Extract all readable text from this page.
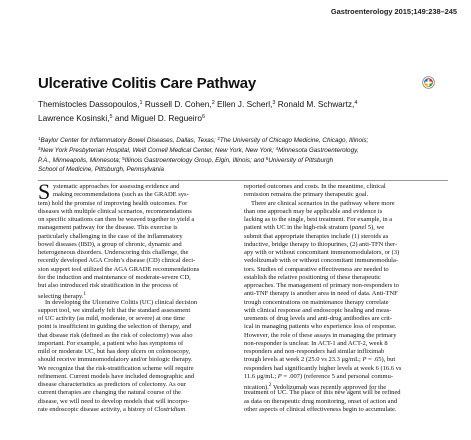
Gastroenterology 2015;149:238–245
Ulcerative Colitis Care Pathway
Themistocles Dassopoulos,$^1$ Russell D. Cohen,$^2$ Ellen J. Scherl,$^3$ Ronald M. Schwartz,$^4$
Lawrence Kosinski,$^5$ and Miguel D. Regueiro$^6$
$^1$Baylor Center for Inflammatory Bowel Diseases, Dallas, Texas; $^2$The University of Chicago Medicine, Chicago, Illinois;
$^3$New York Presbyterian Hospital, Weill Cornell Medical Center, New York, New York; $^4$Minnesota Gastroenterology,
P.A., Minneapolis, Minnesota; $^5$Illinois Gastroenterology Group, Elgin, Illinois; and $^6$University of Pittsburgh
School of Medicine, Pittsburgh, Pennsylvania
S ystematic approaches for assessing evidence and
making recommendations (such as the GRADE sys-
tem) hold the promise of improving health outcomes. For
diseases with multiple clinical scenarios, recommendations
on specific situations can then be weaved together to yield a
management pathway for the disease. This exercise is
particularly challenging in the case of the inflammatory
bowel diseases (IBD), a group of chronic, dynamic and
heterogeneous disorders. Underscoring this challenge, the
recently developed AGA Crohn’s disease (CD) clinical deci-
sion support tool utilized the AGA GRADE recommendations
for the induction and maintenance of moderate-severe CD,
but also introduced risk stratification in the process of
selecting therapy.$^1$
In developing the Ulcerative Colitis (UC) clinical decision
support tool, we similarly felt that the standard assessment
of UC activity (as mild, moderate, or severe) at one time
point is insufficient in guiding the selection of therapy, and
that disease risk (defined as the risk of colectomy) was also
important. For example, a patient who has symptoms of
mild or moderate UC, but has deep ulcers on colonoscopy,
should receive immunomodulatory and/or biologic therapy.
We recognize that the risk-stratification scheme will require
refinement. Current models have included demographic and
disease characteristics as predictors of colectomy. As our
current therapies are changing the natural course of the
disease, we will need to develop models that will incorpo-
rate endoscopic disease activity, a history of Clostridium
reported outcomes and costs. In the meantime, clinical
remission remains the primary therapeutic goal.
There are clinical scenarios in the pathway where more
than one approach may be applicable and evidence is
lacking as to the single, best treatment. For example, in a
patient with UC in the high-risk stratum (panel 5), we
submit that appropriate therapies include (1) steroids as
inductive, bridge therapy to thiopurines, (2) anti-TFN ther-
apy with or without concomitant immunomodulators, or (3)
vedolizumab with or without concomitant immunomodula-
tors. Studies of comparative effectiveness are needed to
establish the relative positioning of these therapeutic
approaches. The management of primary non-responders to
anti-TNF therapy is another area in need of data. Anti-TNF
trough concentrations on maintenance therapy correlate
with clinical response and endoscopic healing and meas-
urements of drug levels and anti-drug antibodies are crit-
ical in managing patients who experience loss of response.
However, the role of these assays in managing the primary
non-responder is unclear. In ACT-1 and ACT-2, week 8
responders and non-responders had similar infliximab
trough levels at week 2 (25.0 vs 23.3 μg/mL; P = .65), but
responders had significantly higher levels at week 6 (16.6 vs
11.6 μg/mL; P = .007) (reference 5 and personal commu-
nication).$^2$ Vedolizumab was recently approved for the
treatment of UC. The place of this new agent will be refined
as data on therapeutic drug monitoring, onset of action and
other aspects of clinical effectiveness begin to accumulate.
